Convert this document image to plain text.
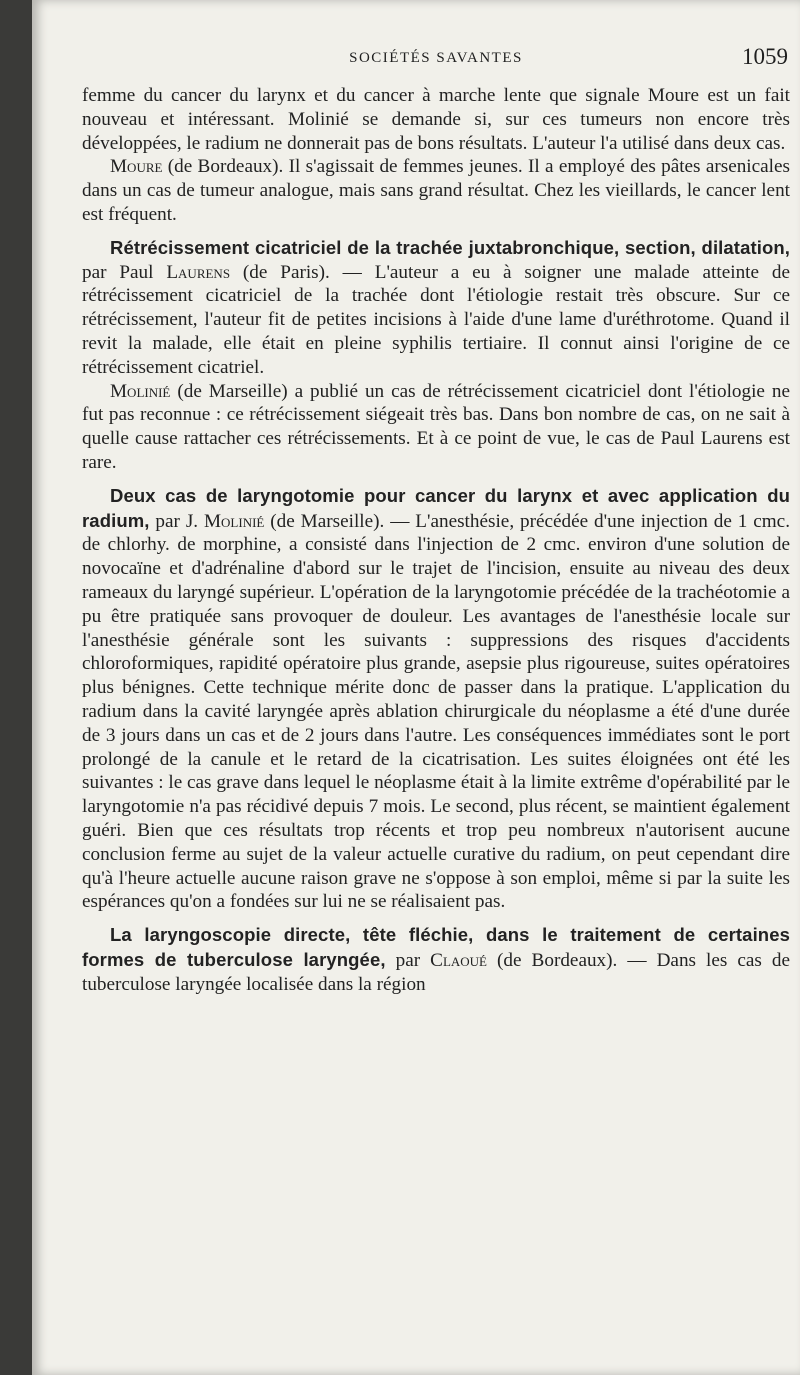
SOCIÉTÉS SAVANTES	1059

femme du cancer du larynx et du cancer à marche lente que signale Moure est un fait nouveau et intéressant. Molinié se demande si, sur ces tumeurs non encore très développées, le radium ne donnerait pas de bons résultats. L'auteur l'a utilisé dans deux cas.

Moure (de Bordeaux). Il s'agissait de femmes jeunes. Il a employé des pâtes arsenicales dans un cas de tumeur analogue, mais sans grand résultat. Chez les vieillards, le cancer lent est fréquent.

Rétrécissement cicatriciel de la trachée juxtabronchique, section, dilatation, par Paul Laurens (de Paris). — L'auteur a eu à soigner une malade atteinte de rétrécissement cicatriciel de la trachée dont l'étiologie restait très obscure. Sur ce rétrécissement, l'auteur fit de petites incisions à l'aide d'une lame d'uréthrotome. Quand il revit la malade, elle était en pleine syphilis tertiaire. Il connut ainsi l'origine de ce rétrécissement cicatriel.

Molinié (de Marseille) a publié un cas de rétrécissement cicatriciel dont l'étiologie ne fut pas reconnue : ce rétrécissement siégeait très bas. Dans bon nombre de cas, on ne sait à quelle cause rattacher ces rétrécissements. Et à ce point de vue, le cas de Paul Laurens est rare.

Deux cas de laryngotomie pour cancer du larynx et avec application du radium, par J. Molinié (de Marseille). — L'anesthésie, précédée d'une injection de 1 cmc. de chlorhy. de morphine, a consisté dans l'injection de 2 cmc. environ d'une solution de novocaïne et d'adrénaline d'abord sur le trajet de l'incision, ensuite au niveau des deux rameaux du laryngé supérieur. L'opération de la laryngotomie précédée de la trachéotomie a pu être pratiquée sans provoquer de douleur. Les avantages de l'anesthésie locale sur l'anesthésie générale sont les suivants : suppressions des risques d'accidents chloroformiques, rapidité opératoire plus grande, asepsie plus rigoureuse, suites opératoires plus bénignes. Cette technique mérite donc de passer dans la pratique. L'application du radium dans la cavité laryngée après ablation chirurgicale du néoplasme a été d'une durée de 3 jours dans un cas et de 2 jours dans l'autre. Les conséquences immédiates sont le port prolongé de la canule et le retard de la cicatrisation. Les suites éloignées ont été les suivantes : le cas grave dans lequel le néoplasme était à la limite extrême d'opérabilité par le laryngotomie n'a pas récidivé depuis 7 mois. Le second, plus récent, se maintient également guéri. Bien que ces résultats trop récents et trop peu nombreux n'autorisent aucune conclusion ferme au sujet de la valeur actuelle curative du radium, on peut cependant dire qu'à l'heure actuelle aucune raison grave ne s'oppose à son emploi, même si par la suite les espérances qu'on a fondées sur lui ne se réalisaient pas.

La laryngoscopie directe, tête fléchie, dans le traitement de certaines formes de tuberculose laryngée, par Claoué (de Bordeaux). — Dans les cas de tuberculose laryngée localisée dans la région
